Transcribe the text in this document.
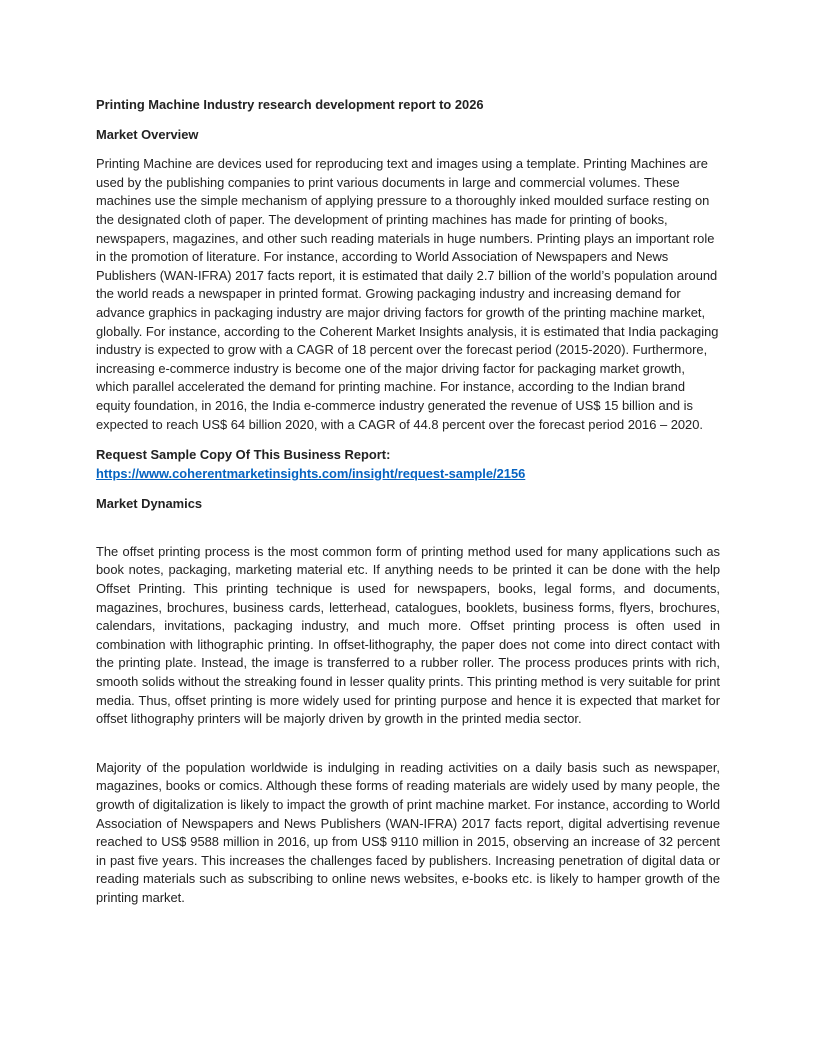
Printing Machine Industry research development report to 2026

Market Overview

Printing Machine are devices used for reproducing text and images using a template. Printing Machines are used by the publishing companies to print various documents in large and commercial volumes. These machines use the simple mechanism of applying pressure to a thoroughly inked moulded surface resting on the designated cloth of paper. The development of printing machines has made for printing of books, newspapers, magazines, and other such reading materials in huge numbers. Printing plays an important role in the promotion of literature. For instance, according to World Association of Newspapers and News Publishers (WAN-IFRA) 2017 facts report, it is estimated that daily 2.7 billion of the world’s population around the world reads a newspaper in printed format. Growing packaging industry and increasing demand for advance graphics in packaging industry are major driving factors for growth of the printing machine market, globally. For instance, according to the Coherent Market Insights analysis, it is estimated that India packaging industry is expected to grow with a CAGR of 18 percent over the forecast period (2015-2020). Furthermore, increasing e-commerce industry is become one of the major driving factor for packaging market growth, which parallel accelerated the demand for printing machine. For instance, according to the Indian brand equity foundation, in 2016, the India e-commerce industry generated the revenue of US$ 15 billion and is expected to reach US$ 64 billion 2020, with a CAGR of 44.8 percent over the forecast period 2016 – 2020.

Request Sample Copy Of This Business Report:

https://www.coherentmarketinsights.com/insight/request-sample/2156

Market Dynamics

The offset printing process is the most common form of printing method used for many applications such as book notes, packaging, marketing material etc. If anything needs to be printed it can be done with the help Offset Printing. This printing technique is used for newspapers, books, legal forms, and documents, magazines, brochures, business cards, letterhead, catalogues, booklets, business forms, flyers, brochures, calendars, invitations, packaging industry, and much more. Offset printing process is often used in combination with lithographic printing. In offset-lithography, the paper does not come into direct contact with the printing plate. Instead, the image is transferred to a rubber roller. The process produces prints with rich, smooth solids without the streaking found in lesser quality prints. This printing method is very suitable for print media. Thus, offset printing is more widely used for printing purpose and hence it is expected that market for offset lithography printers will be majorly driven by growth in the printed media sector.

Majority of the population worldwide is indulging in reading activities on a daily basis such as newspaper, magazines, books or comics. Although these forms of reading materials are widely used by many people, the growth of digitalization is likely to impact the growth of print machine market. For instance, according to World Association of Newspapers and News Publishers (WAN-IFRA) 2017 facts report, digital advertising revenue reached to US$ 9588 million in 2016, up from US$ 9110 million in 2015, observing an increase of 32 percent in past five years. This increases the challenges faced by publishers. Increasing penetration of digital data or reading materials such as subscribing to online news websites, e-books etc. is likely to hamper growth of the printing market.
